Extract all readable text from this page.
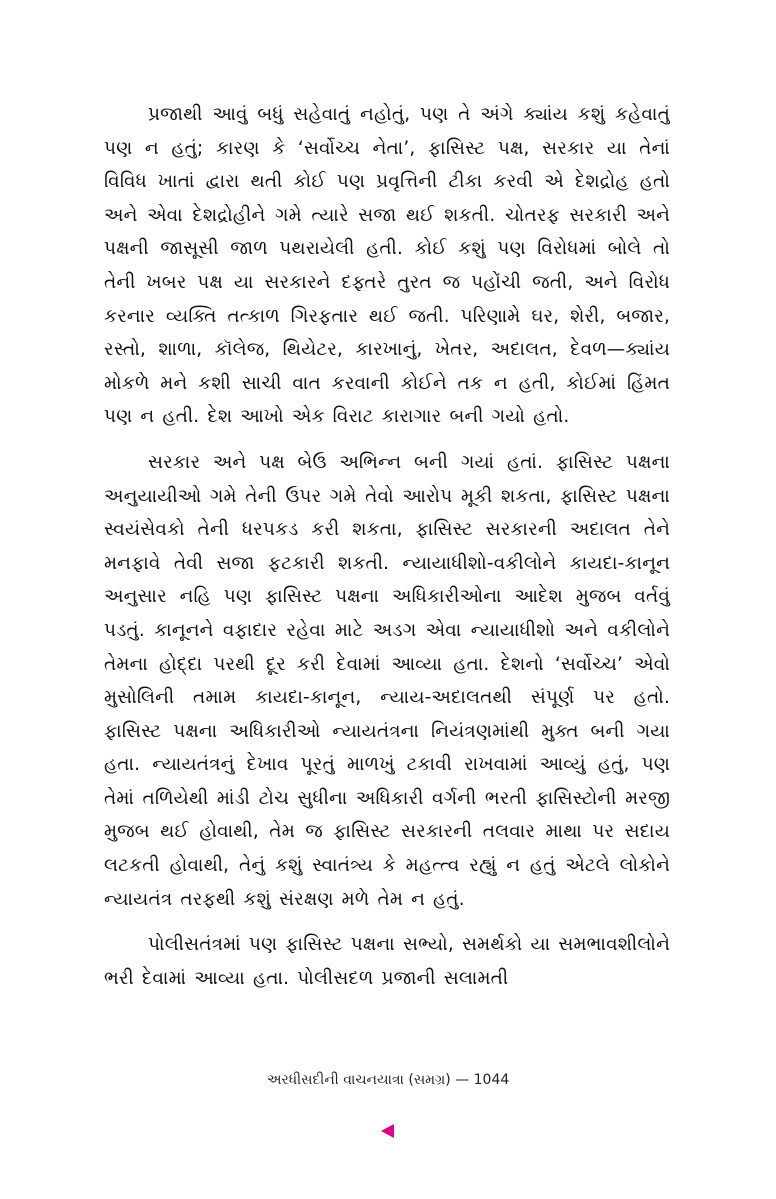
પ્રજાથી આવું બધું સહેવાતું નહોતું, પણ તે અંગે ક્યાંય કશું કહેવાતું પણ ન હતું; કારણ કે ‘સર્વોચ્ચ નેતા’, ફાસિસ્ટ પક્ષ, સરકાર યા તેનાં વિવિધ ખાતાં દ્વારા થતી કોઈ પણ પ્રવૃત્તિની ટીકા કરવી એ દેશદ્રોહ હતો અને એવા દેશદ્રોહીને ગમે ત્યારે સજા થઈ શકતી. ચોતરફ સરકારી અને પક્ષની જાસૂસી જાળ પથરાયેલી હતી. કોઈ કશું પણ વિરોધમાં બોલે તો તેની ખબર પક્ષ યા સરકારને દફ્તરે તુરત જ પહોંચી જતી, અને વિરોધ કરનાર વ્યક્તિ તત્કાળ ગિરફતાર થઈ જતી. પરિણામે ઘર, શેરી, બજાર, રસ્તો, શાળા, કૉલેજ, થિયેટર, કારખાનું, ખેતર, અદાલત, દેવળ—ક્યાંય મોકળે મને કશી સાચી વાત કરવાની કોઈને તક ન હતી, કોઈમાં હિંમત પણ ન હતી. દેશ આખો એક વિરાટ કારાગાર બની ગયો હતો.

સરકાર અને પક્ષ બેઉ અભિન્ન બની ગયાં હતાં. ફાસિસ્ટ પક્ષના અનુયાયીઓ ગમે તેની ઉપર ગમે તેવો આરોપ મૂકી શકતા, ફાસિસ્ટ પક્ષના સ્વયંસેવકો તેની ધરપકડ કરી શકતા, ફાસિસ્ટ સરકારની અદાલત તેને મનફાવે તેવી સજા ફટકારી શકતી. ન્યાયાધીશો-વકીલોને કાયદા-કાનૂન અનુસાર નહિ પણ ફાસિસ્ટ પક્ષના અધિકારીઓના આદેશ મુજબ વર્તવું પડતું. કાનૂનને વફાદાર રહેવા માટે અડગ એવા ન્યાયાધીશો અને વકીલોને તેમના હોદ્દા પરથી દૂર કરી દેવામાં આવ્યા હતા. દેશનો ‘સર્વોચ્ચ’ એવો મુસોલિની તમામ કાયદા-કાનૂન, ન્યાય-અદાલતથી સંપૂર્ણ પર હતો. ફાસિસ્ટ પક્ષના અધિકારીઓ ન્યાયતંત્રના નિયંત્રણમાંથી મુક્ત બની ગયા હતા. ન્યાયતંત્રનું દેખાવ પૂરતું માળખું ટકાવી રાખવામાં આવ્યું હતું, પણ તેમાં તળિયેથી માંડી ટોચ સુધીના અધિકારી વર્ગની ભરતી ફાસિસ્ટોની મરજી મુજબ થઈ હોવાથી, તેમ જ ફાસિસ્ટ સરકારની તલવાર માથા પર સદાય લટકતી હોવાથી, તેનું કશું સ્વાતંત્ર્ય કે મહત્ત્વ રહ્યું ન હતું એટલે લોકોને ન્યાયતંત્ર તરફથી કશું સંરક્ષણ મળે તેમ ન હતું.

પોલીસતંત્રમાં પણ ફાસિસ્ટ પક્ષના સભ્યો, સમર્થકો યા સમભાવશીલોને ભરી દેવામાં આવ્યા હતા. પોલીસદળ પ્રજાની સલામતી

અરધીસદીની વાચનયાત્રા (સમગ્ર) — 1044
